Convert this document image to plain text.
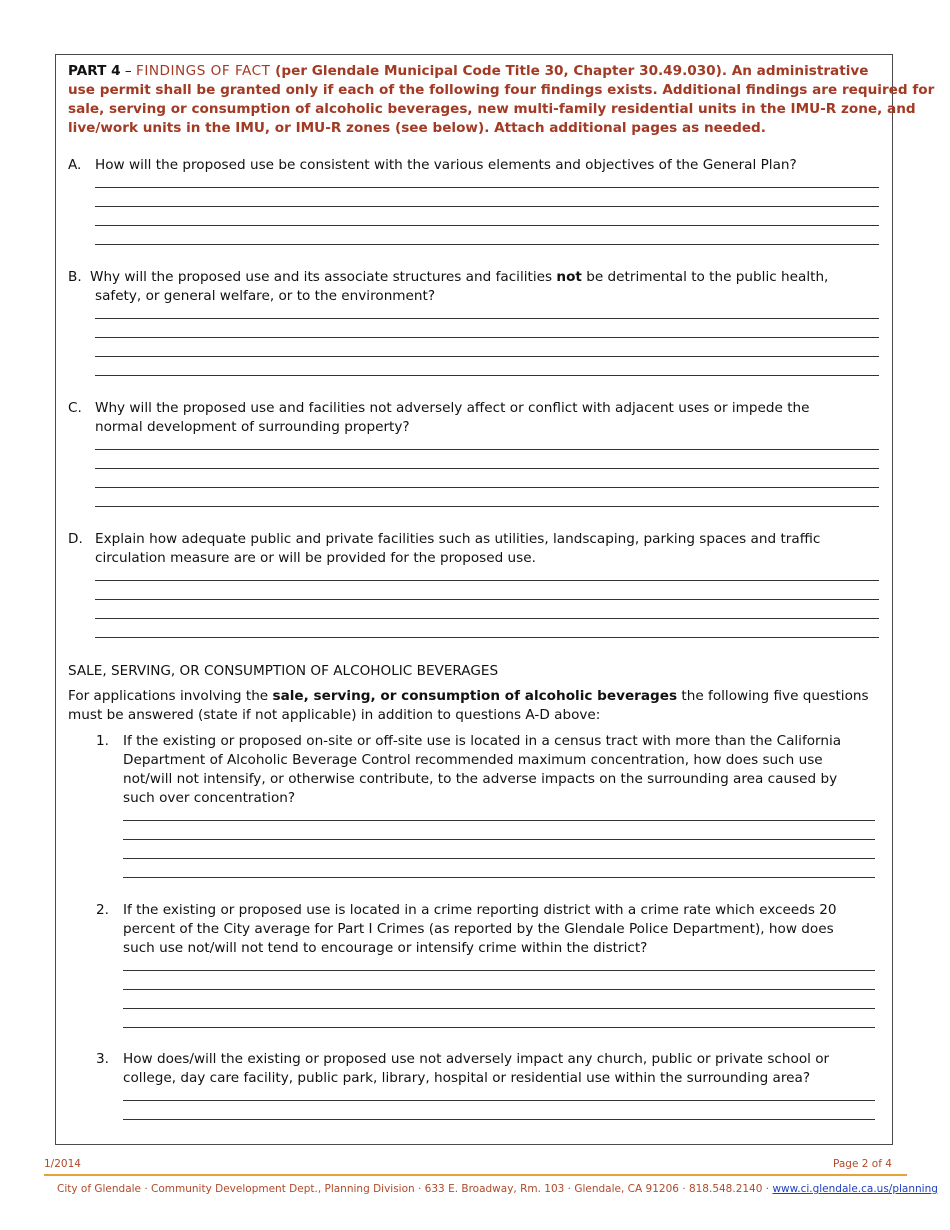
PART 4 – FINDINGS OF FACT (per Glendale Municipal Code Title 30, Chapter 30.49.030). An administrative
use permit shall be granted only if each of the following four findings exists. Additional findings are required for
sale, serving or consumption of alcoholic beverages, new multi-family residential units in the IMU-R zone, and
live/work units in the IMU, or IMU-R zones (see below). Attach additional pages as needed.
A. How will the proposed use be consistent with the various elements and objectives of the General Plan?
B. Why will the proposed use and its associate structures and facilities not be detrimental to the public health,
safety, or general welfare, or to the environment?
C. Why will the proposed use and facilities not adversely affect or conflict with adjacent uses or impede the
normal development of surrounding property?
D. Explain how adequate public and private facilities such as utilities, landscaping, parking spaces and traffic
circulation measure are or will be provided for the proposed use.
SALE, SERVING, OR CONSUMPTION OF ALCOHOLIC BEVERAGES
For applications involving the sale, serving, or consumption of alcoholic beverages the following five questions
must be answered (state if not applicable) in addition to questions A-D above:
1. If the existing or proposed on-site or off-site use is located in a census tract with more than the California
Department of Alcoholic Beverage Control recommended maximum concentration, how does such use
not/will not intensify, or otherwise contribute, to the adverse impacts on the surrounding area caused by
such over concentration?
2. If the existing or proposed use is located in a crime reporting district with a crime rate which exceeds 20
percent of the City average for Part I Crimes (as reported by the Glendale Police Department), how does
such use not/will not tend to encourage or intensify crime within the district?
3. How does/will the existing or proposed use not adversely impact any church, public or private school or
college, day care facility, public park, library, hospital or residential use within the surrounding area?
1/2014	Page 2 of 4
City of Glendale · Community Development Dept., Planning Division · 633 E. Broadway, Rm. 103 · Glendale, CA 91206 · 818.548.2140 · www.ci.glendale.ca.us/planning
